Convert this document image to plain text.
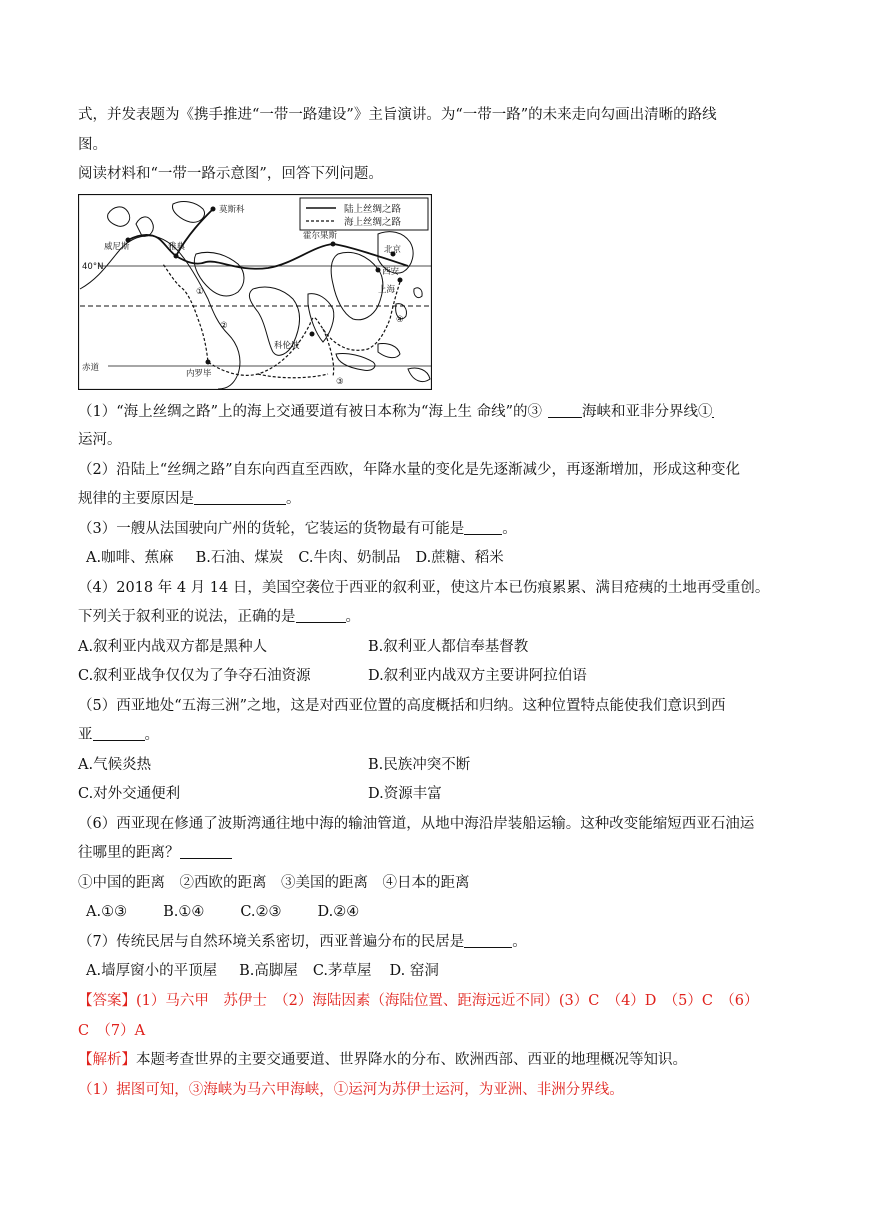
式，并发表题为《携手推进“一带一路建设”》主旨演讲。为“一带一路”的未来走向勾画出清晰的路线
图。
阅读材料和“一带一路示意图”，回答下列问题。
陆上丝绸之路
海上丝绸之路
莫斯科
威尼斯	雅典
霍尔果斯
北京
西安
上海
科伦坡
内罗毕
40°N
赤道
①
②
③
④
（1）“海上丝绸之路”上的海上交通要道有被日本称为“海上生 命线”的③	海峡和亚非分界线①
运河。
（2）沿陆上“丝绸之路”自东向西直至西欧，年降水量的变化是先逐渐减少，再逐渐增加，形成这种变化
规律的主要原因是	。
（3）一艘从法国驶向广州的货轮，它装运的货物最有可能是	。
A.咖啡、蕉麻 B.石油、煤炭 C.牛肉、奶制品 D.蔗糖、稻米
（4）2018 年 4 月 14 日，美国空袭位于西亚的叙利亚，使这片本已伤痕累累、满目疮痍的土地再受重创。
下列关于叙利亚的说法，正确的是	。
A.叙利亚内战双方都是黑种人	B.叙利亚人都信奉基督教
C.叙利亚战争仅仅为了争夺石油资源	D.叙利亚内战双方主要讲阿拉伯语
（5）西亚地处“五海三洲”之地，这是对西亚位置的高度概括和归纳。这种位置特点能使我们意识到西
亚	。
A.气候炎热	B.民族冲突不断
C.对外交通便利	D.资源丰富
（6）西亚现在修通了波斯湾通往地中海的输油管道，从地中海沿岸装船运输。这种改变能缩短西亚石油运
往哪里的距离？
①中国的距离　②西欧的距离　③美国的距离　④日本的距离
A.①③ B.①④ C.②③ D.②④
（7）传统民居与自然环境关系密切，西亚普遍分布的民居是	。
A.墙厚窗小的平顶屋 B.高脚屋 C.茅草屋 D. 窑洞
【答案】(1）马六甲　苏伊士　（2）海陆因素（海陆位置、距海远近不同）(3）C　（4）D　（5）C　（6）
C　（7）A
【解析】本题考查世界的主要交通要道、世界降水的分布、欧洲西部、西亚的地理概况等知识。
（1）据图可知，③海峡为马六甲海峡，①运河为苏伊士运河，为亚洲、非洲分界线。
